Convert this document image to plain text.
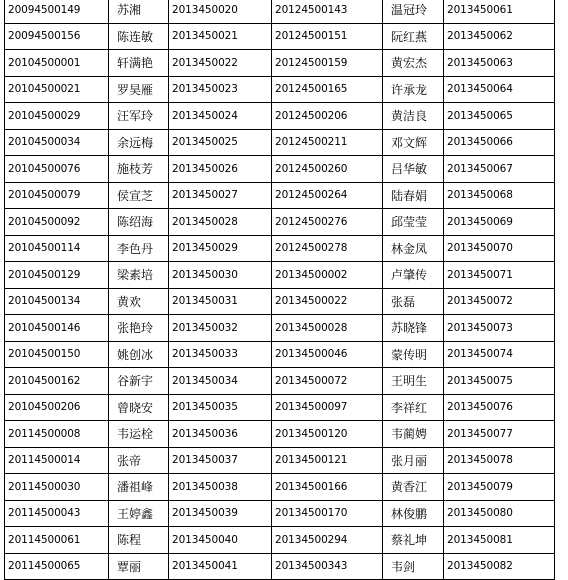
20094500149	苏湘	2013450020	20124500143	温冠玲	2013450061
20094500156	陈连敏	2013450021	20124500151	阮红燕	2013450062
20104500001	轩满艳	2013450022	20124500159	黄宏杰	2013450063
20104500021	罗昊雁	2013450023	20124500165	许承龙	2013450064
20104500029	汪军玲	2013450024	20124500206	黄洁良	2013450065
20104500034	余远梅	2013450025	20124500211	邓文辉	2013450066
20104500076	施枝芳	2013450026	20124500260	吕华敏	2013450067
20104500079	侯宣芝	2013450027	20124500264	陆春娟	2013450068
20104500092	陈绍海	2013450028	20124500276	邱莹莹	2013450069
20104500114	李色丹	2013450029	20124500278	林金凤	2013450070
20104500129	梁素培	2013450030	20134500002	卢肇传	2013450071
20104500134	黄欢	2013450031	20134500022	张磊	2013450072
20104500146	张艳玲	2013450032	20134500028	苏晓锋	2013450073
20104500150	姚创冰	2013450033	20134500046	蒙传明	2013450074
20104500162	谷新宇	2013450034	20134500072	王明生	2013450075
20104500206	曾晓安	2013450035	20134500097	李祥红	2013450076
20114500008	韦运栓	2013450036	20134500120	韦蔺娉	2013450077
20114500014	张帝	2013450037	20134500121	张月丽	2013450078
20114500030	潘祖峰	2013450038	20134500166	黄香江	2013450079
20114500043	王婷鑫	2013450039	20134500170	林俊鹏	2013450080
20114500061	陈程	2013450040	20134500294	蔡礼坤	2013450081
20114500065	覃丽	2013450041	20134500343	韦剑	2013450082
